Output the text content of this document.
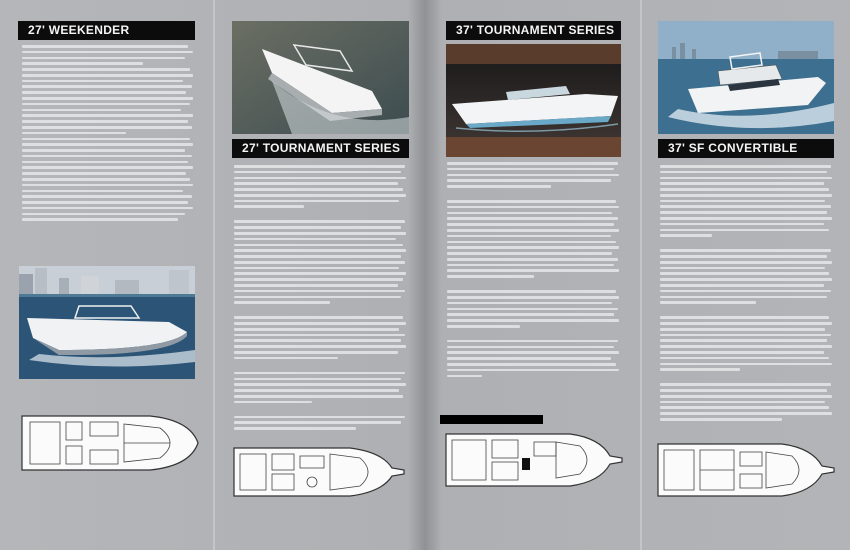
27' WEEKENDER
27' TOURNAMENT SERIES
37' TOURNAMENT SERIES
37' SF CONVERTIBLE
